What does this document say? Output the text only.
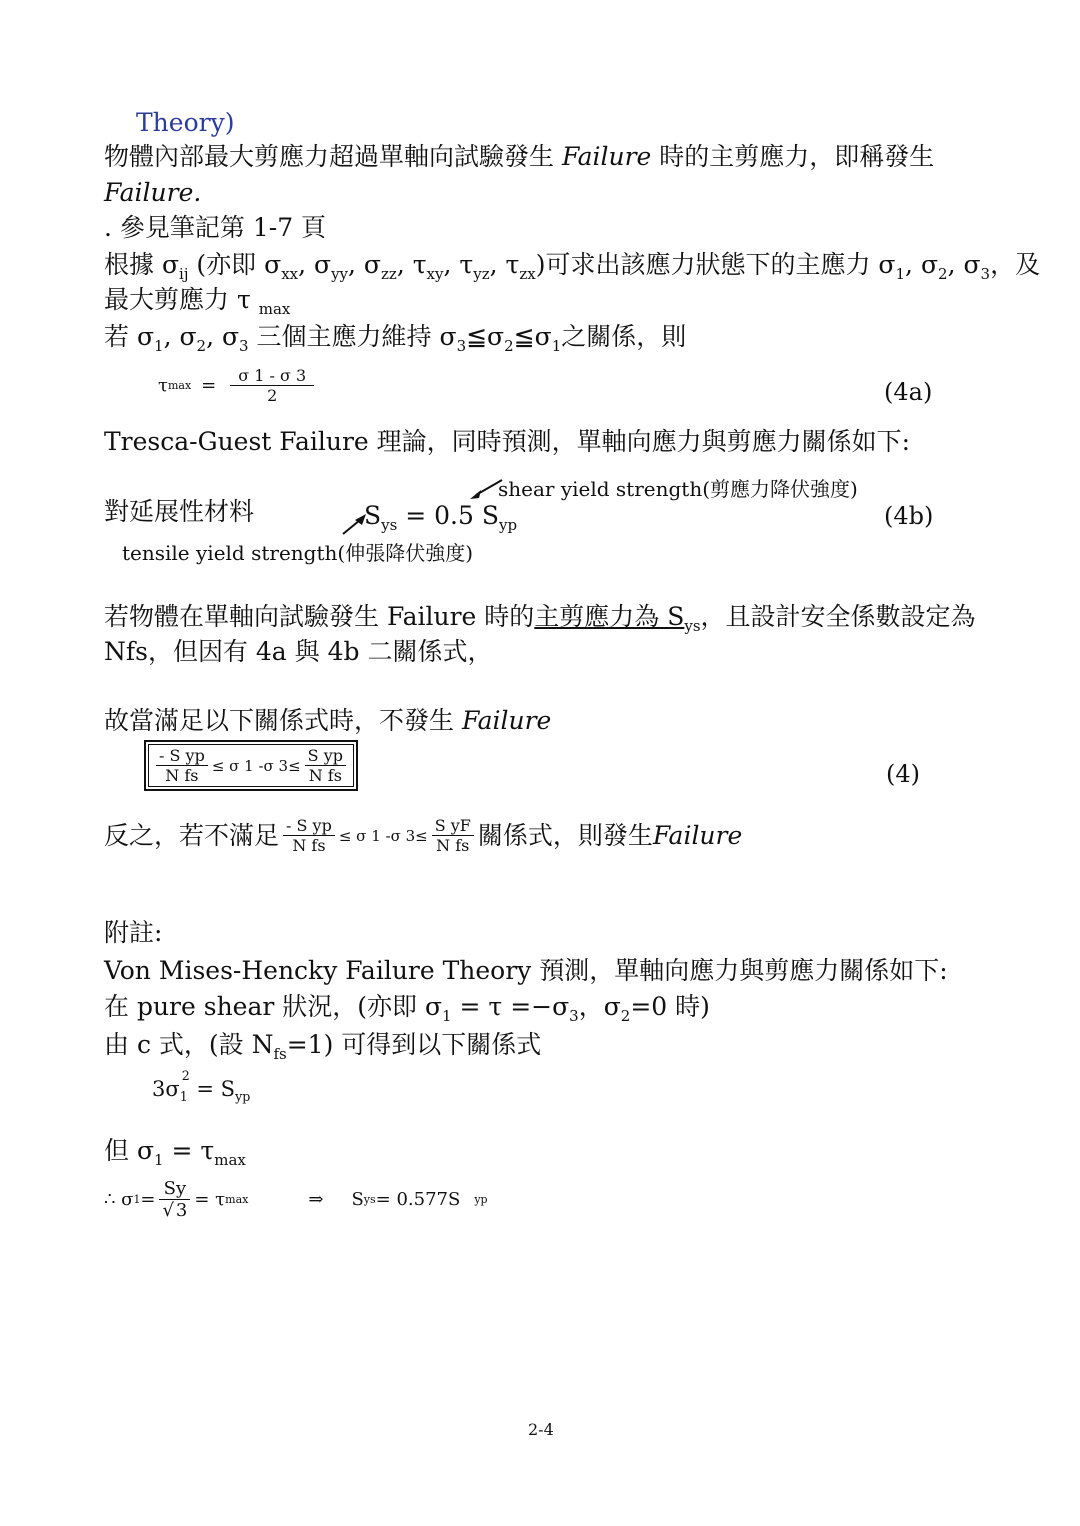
Theory)
物體內部最大剪應力超過單軸向試驗發生 Failure 時的主剪應力，即稱發生
Failure.
. 參見筆記第 1-7 頁
根據 $\sigma_{ij}$ (亦即 $\sigma_{xx}$, $\sigma_{yy}$, $\sigma_{zz}$, $\tau_{xy}$, $\tau_{yz}$, $\tau_{zx}$)可求出該應力狀態下的主應力 $\sigma_1$, $\sigma_2$, $\sigma_3$，及
最大剪應力 τ $_{max}$
若 $\sigma_1$, $\sigma_2$, $\sigma_3$ 三個主應力維持 $\sigma_3≦\sigma_2≦\sigma_1$之關係，則
τ $\max = \frac{\sigma 1 - \sigma 3}{2}$	(4a)
Tresca-Guest Failure 理論，同時預測，單軸向應力與剪應力關係如下:
shear yield strength(剪應力降伏強度)
對延展性材料	$S_{ys} = 0.5$ $S_{yp}$	(4b)
tensile yield strength(伸張降伏強度)
若物體在單軸向試驗發生 Failure 時的主剪應力為 $S_{ys}$，且設計安全係數設定為
Nfs，但因有 4a 與 4b 二關係式，
故當滿足以下關係式時，不發生 Failure
$\frac{\text{- S yp}}{\text{N fs}} \le \sigma$ 1 -σ $3\le \frac{\text{S yp}}{\text{N fs}}$	(4)
反之，若不滿足 $\frac{\text{- S yp}}{\text{N fs}} \le \sigma$ 1 -σ $3\le \frac{\text{S yF}}{\text{N fs}}$ 關係式，則發生 Failure
附註:
Von Mises-Hencky Failure Theory 預測，單軸向應力與剪應力關係如下:
在 pure shear 狀況，(亦即 $\sigma_1 = \tau =-\sigma_3$，$\sigma_2=0$ 時)
由 c 式，(設 $N_{fs}=1$) 可得到以下關係式
$3\sigma_1^2 = S_{yp}$
但 $\sigma_1 = \tau_{max}$
∴ σ $1 = \frac{Sy}{√ 3} = \tau$ max	⇒ S ys = 0.577S yp
2-4
